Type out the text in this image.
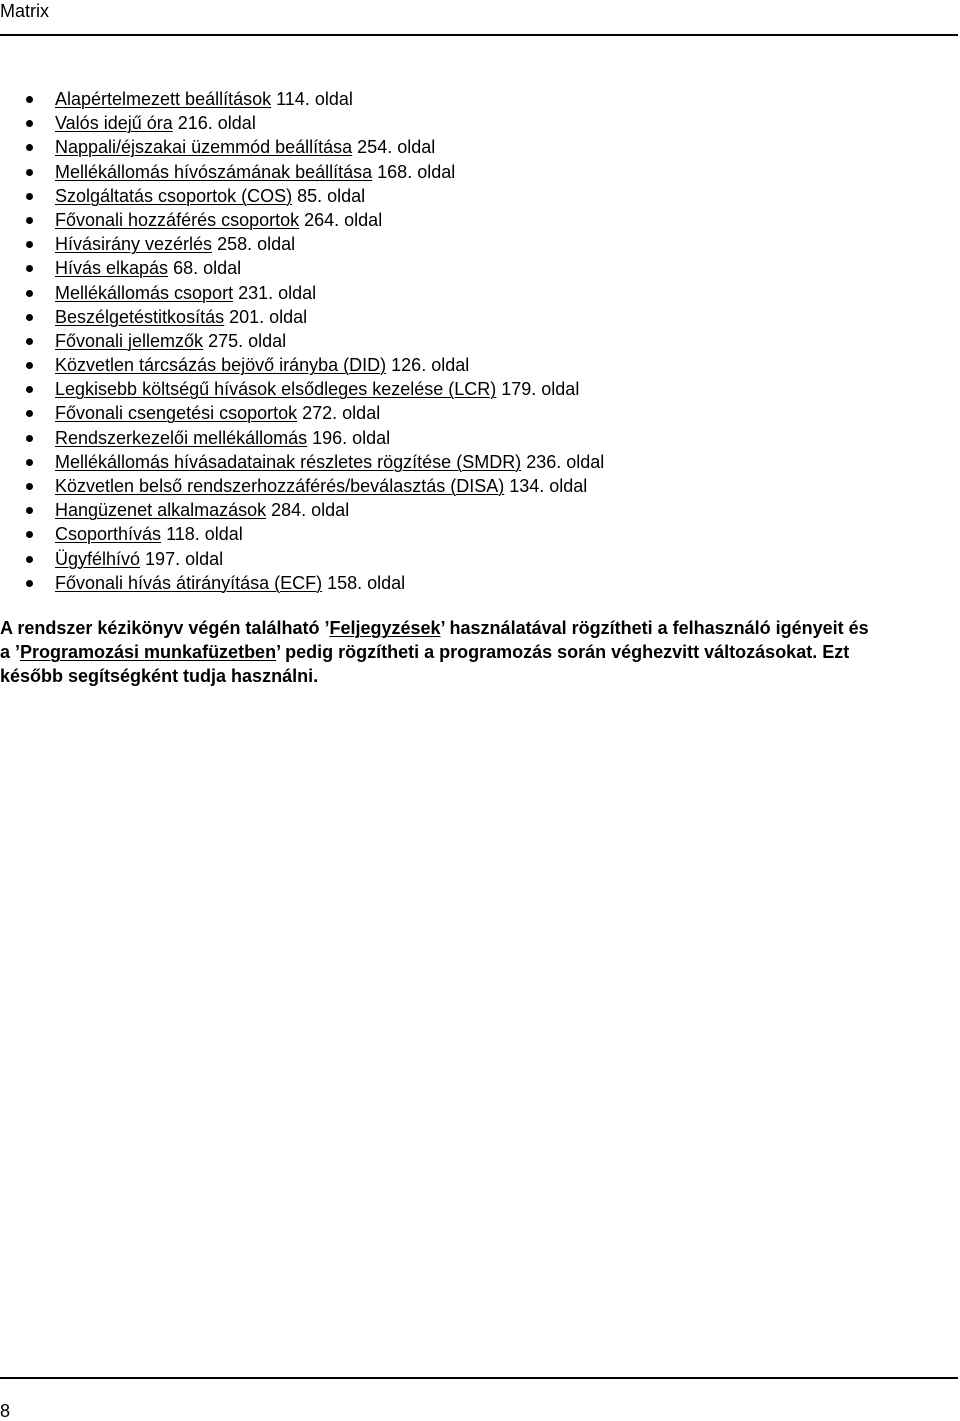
Matrix
Alapértelmezett beállítások 114. oldal
Valós idejű óra 216. oldal
Nappali/éjszakai üzemmód beállítása 254. oldal
Mellékállomás hívószámának beállítása 168. oldal
Szolgáltatás csoportok (COS) 85. oldal
Fővonali hozzáférés csoportok 264. oldal
Hívásirány vezérlés 258. oldal
Hívás elkapás 68. oldal
Mellékállomás csoport 231. oldal
Beszélgetéstitkosítás 201. oldal
Fővonali jellemzők 275. oldal
Közvetlen tárcsázás bejövő irányba (DID) 126. oldal
Legkisebb költségű hívások elsődleges kezelése (LCR) 179. oldal
Fővonali csengetési csoportok 272. oldal
Rendszerkezelői mellékállomás 196. oldal
Mellékállomás hívásadatainak részletes rögzítése (SMDR) 236. oldal
Közvetlen belső rendszerhozzáférés/beválasztás (DISA) 134. oldal
Hangüzenet alkalmazások 284. oldal
Csoporthívás 118. oldal
Ügyfélhívó 197. oldal
Fővonali hívás átirányítása (ECF) 158. oldal

A rendszer kézikönyv végén található ’Feljegyzések’ használatával rögzítheti a felhasználó igényeit és
a ’Programozási munkafüzetben’ pedig rögzítheti a programozás során véghezvitt változásokat. Ezt
később segítségként tudja használni.

8
